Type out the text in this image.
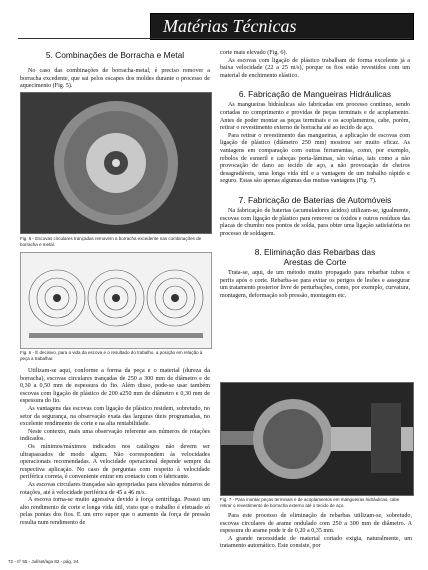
Matérias Técnicas
5. Combinações de Borracha e Metal

No caso das combinações de borracha-metal, é preciso remover a borracha excedente, que sai pelos escapes dos moldes durante o processo de aquecimento (Fig. 5).

Fig. 5 - Escovas circulares trançadas removem a borracha excedente nas combinações de borracha e metal.
Fig. 6 - É decisivo, para a vida da escova e o resultado do trabalho, a posição em relação à peça a trabalhar.

Utilizam-se aqui, conforme a forma da peça e o material (dureza da borracha), escovas circulares trançadas de 250 a 300 mm de diâmetro e de 0,30 a 0,50 mm de espessura do fio. Além disso, pode-se usar também escovas com ligação de plástico de 200 a250 mm de diâmetro e 0,30 mm de espessura do fio.

As vantagens das escovas com ligação de plástico residem, sobretudo, no setor da segurança, na observação exata das larguras úteis programadas, no excelente rendimento de corte e na alta rentabilidade.

Neste contexto, mais uma observação referente aos números de rotações indicados.

Os mínimos/máximos indicados nos catálogos não devem ser ultrapassados de modo algum. Não correspondem às velocidades operacionais recomendadas. A velocidade operacional depende sempre da respectiva aplicação. No caso de perguntas com respeito à velocidade periférica correta, é conveniente entrar em contacto com o fabricante.

As escovas circulares trançadas são apropriadas para elevados números de rotações, até à velocidade periférica de 45 a 46 m/s.

A escova torna-se muito agressiva devido à força centrífuga. Possui um alto rendimento de corte e longa vida útil, visto que o trabalho é efetuado só pelas pontas dos fios. E um erro supor que o aumento da força de pressão resulta num rendimento de

corte mais elevado (Fig. 6).

As escovas com ligação de plástico trabalham de forma excelente já a baixa velocidade (22 a 25 m/s), porque os fios estão revestidos com um material de enchimento elástico.

6. Fabricação de Mangueiras Hidráulicas

As mangueiras hidráulicas são fabricadas em processo contínuo, sendo cortadas no comprimento e providas de peças terminais e de acoplamento. Antes de poder montar as peças terminais e os acoplamentos, cabe, porém, retirar o revestimento externo de borracha até ao tecido de aço.

Para retirar o revestimento das mangueiras, a aplicação de escovas com ligação de plástico (diâmetro 250 mm) mostrou ser muito eficaz. As vantagens em comparação com outras ferramentas, como, por exemplo, rebolos de esmeril e cabeças porta-lâminas, são várias, tais como a não provocação de dano ao tecido de aço, a não provocação de cheiros desagradáveis, uma longa vida útil e a vantagem de um trabalho rápido e seguro. Estas são apenas algumas das muitas vantagens (Fig. 7).

7. Fabricação de Baterias de Automóveis

Na fabricação de baterias (acumuladores ácidos) utilizam-se, igualmente, escovas com ligação de plástico para remover os óxidos e outros resíduos das placas de chumbo nos pontos de solda, para obter uma ligação satisfatória no processo de soldagem.

8. Eliminação das Rebarbas das
Arestas de Corte

Trata-se, aqui, de um método muito propagado para rebarbar tubos e perfis após o corte. Rebarba-se para evitar os perigos de lesões e assegurar um tratamento posterior livre de perturbações, como, por exemplo, curvatura, montagem, deformação sob pressão, montagem etc.

Fig. 7 - Para montar peças terminais e de acoplamentos em mangueiras hidráulicas, cabe retirar o revestimento de borracha externo até o tecido de aço.

Para este processo de eliminação de rebarbas utilizam-se, sobretudo, escovas circulares de arame ondulado com 250 a 300 mm de diâmetro. A espessura do arame pode ir de 0,20 a 0,35 mm.

A grande necessidade de material cortado exigia, naturalmente, um tratamento automático. Este consiste, por

72 - nº 55 - Jul/set/ago 82 - pág. 24
